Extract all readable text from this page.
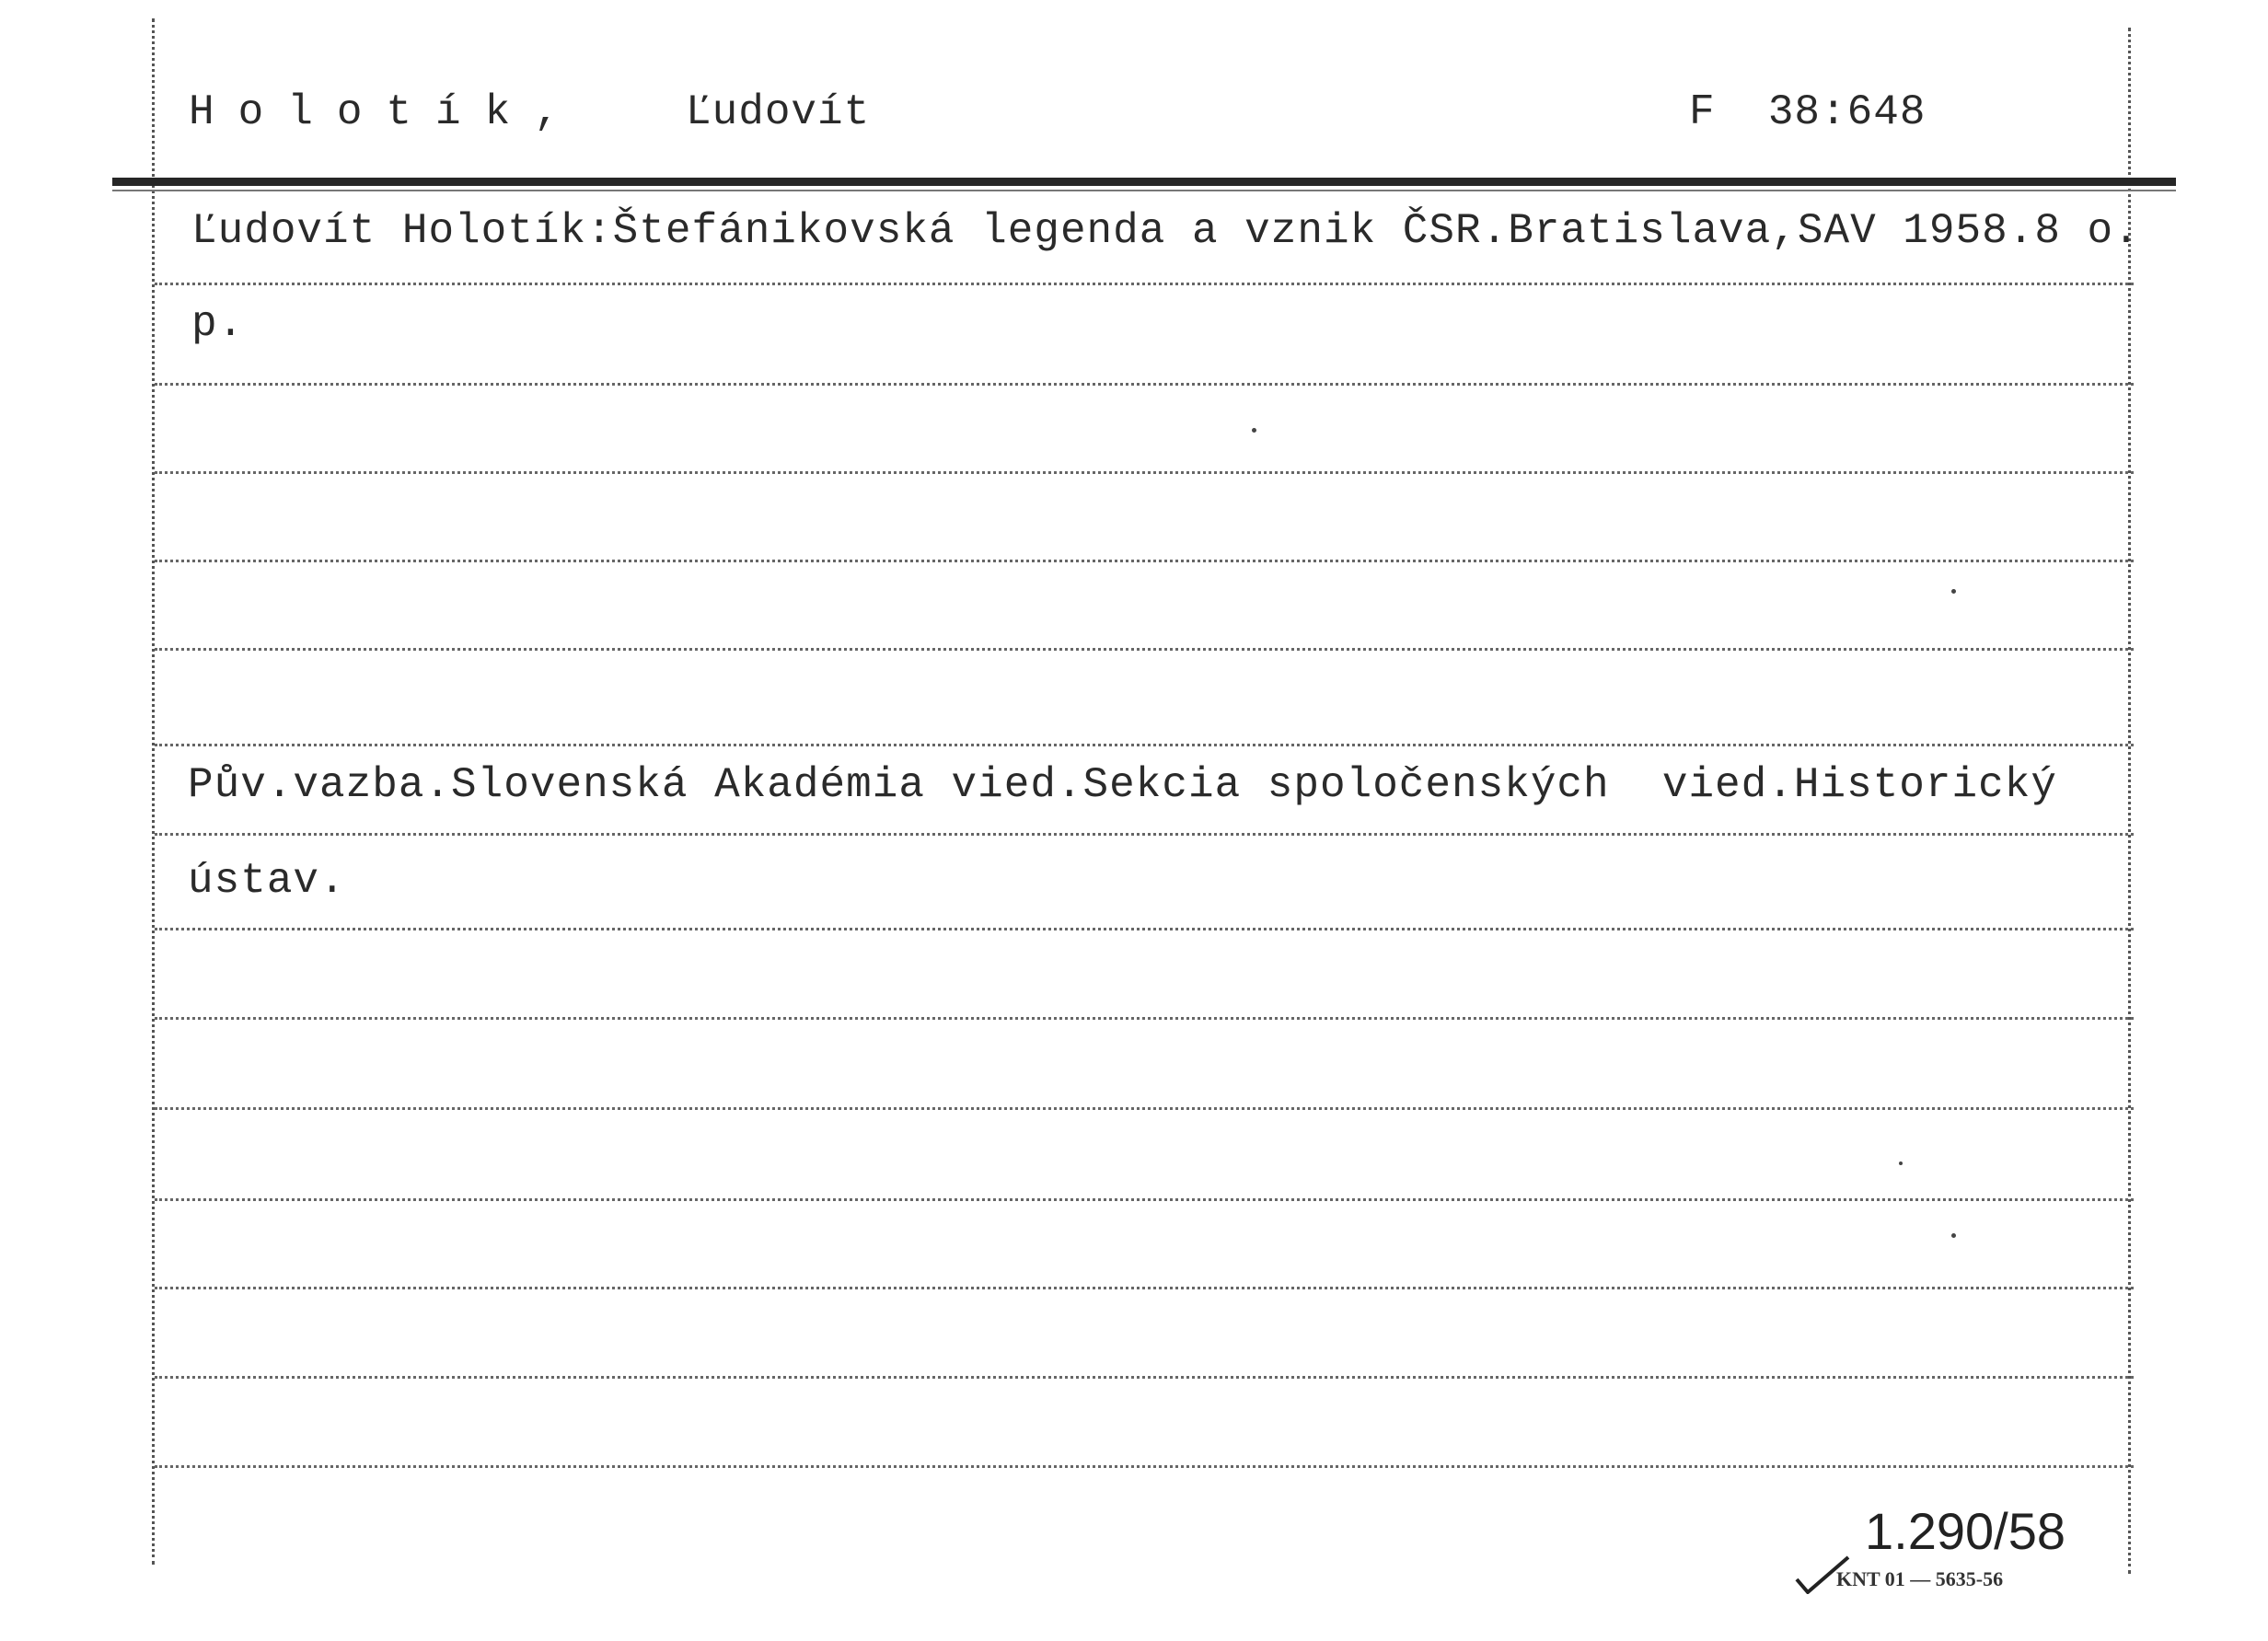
Holotík, Ľudovít	F  38:648
Ľudovít Holotík:Štefánikovská legenda a vznik ČSR.Bratislava,SAV 1958.8 o.
p.
Pův.vazba.Slovenská Akadémia vied.Sekcia spoločenských  vied.Historický
ústav.
1.290/58
KNT 01 — 5635-56
